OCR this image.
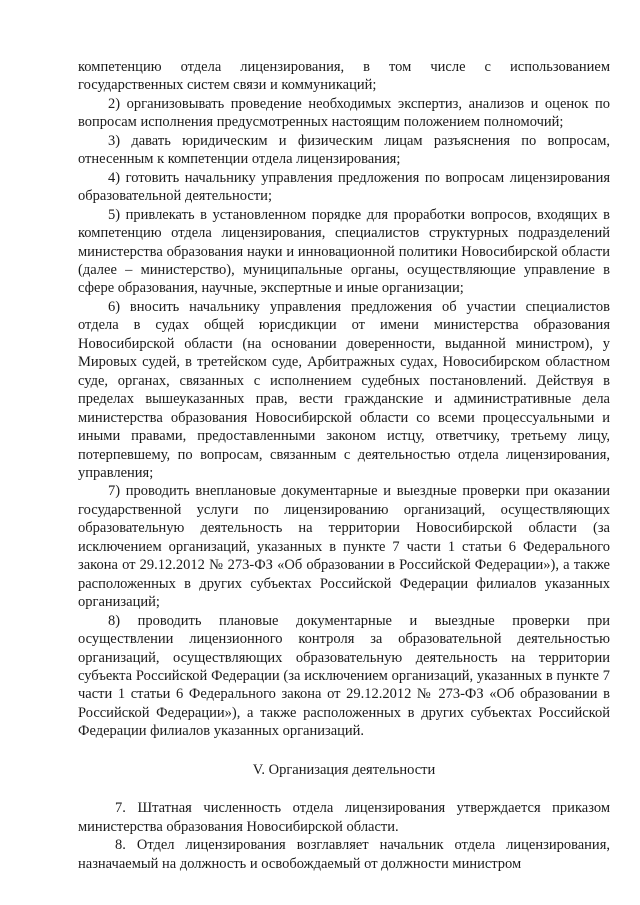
компетенцию отдела лицензирования, в том числе с использованием государственных систем связи и коммуникаций;

2) организовывать проведение необходимых экспертиз, анализов и оценок по вопросам исполнения предусмотренных настоящим положением полномочий;

3) давать юридическим и физическим лицам разъяснения по вопросам, отнесенным к компетенции отдела лицензирования;

4) готовить начальнику управления предложения по вопросам лицензирования образовательной деятельности;

5) привлекать в установленном порядке для проработки вопросов, входящих в компетенцию отдела лицензирования, специалистов структурных подразделений министерства образования науки и инновационной политики Новосибирской области (далее – министерство), муниципальные органы, осуществляющие управление в сфере образования, научные, экспертные и иные организации;

6) вносить начальнику управления предложения об участии специалистов отдела в судах общей юрисдикции от имени министерства образования Новосибирской области (на основании доверенности, выданной министром), у Мировых судей, в третейском суде, Арбитражных судах, Новосибирском областном суде, органах, связанных с исполнением судебных постановлений. Действуя в пределах вышеуказанных прав, вести гражданские и административные дела министерства образования Новосибирской области со всеми процессуальными и иными правами, предоставленными законом истцу, ответчику, третьему лицу, потерпевшему, по вопросам, связанным с деятельностью отдела лицензирования, управления;

7) проводить внеплановые документарные и выездные проверки при оказании государственной услуги по лицензированию организаций, осуществляющих образовательную деятельность на территории Новосибирской области (за исключением организаций, указанных в пункте 7 части 1 статьи 6 Федерального закона от 29.12.2012 № 273-ФЗ «Об образовании в Российской Федерации»), а также расположенных в других субъектах Российской Федерации филиалов указанных организаций;

8) проводить плановые документарные и выездные проверки при осуществлении лицензионного контроля за образовательной деятельностью организаций, осуществляющих образовательную деятельность на территории субъекта Российской Федерации (за исключением организаций, указанных в пункте 7 части 1 статьи 6 Федерального закона от 29.12.2012 № 273-ФЗ «Об образовании в Российской Федерации»), а также расположенных в других субъектах Российской Федерации филиалов указанных организаций.

V. Организация деятельности

7. Штатная численность отдела лицензирования утверждается приказом министерства образования Новосибирской области.

8. Отдел лицензирования возглавляет начальник отдела лицензирования, назначаемый на должность и освобождаемый от должности министром
